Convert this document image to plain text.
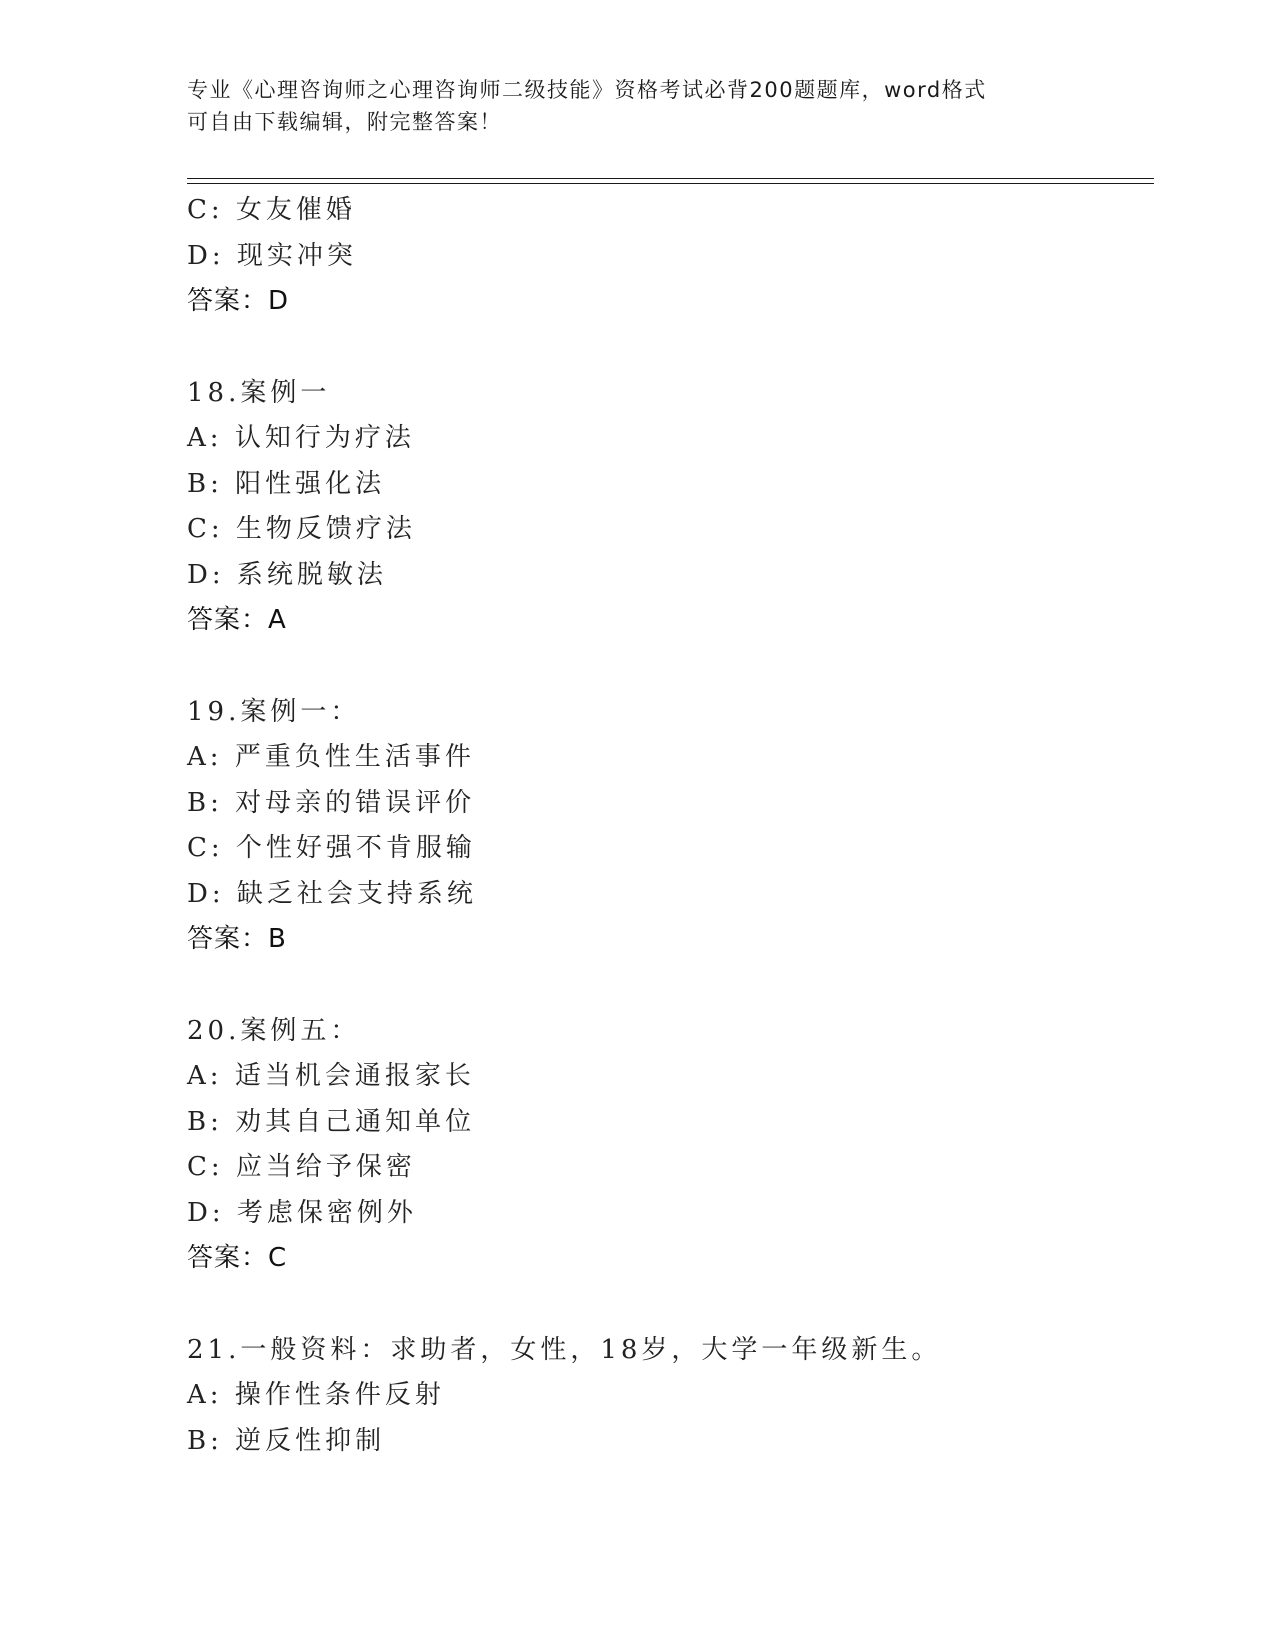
专业《心理咨询师之心理咨询师二级技能》资格考试必背200题题库，word格式
可自由下载编辑，附完整答案！
C: 女友催婚
D: 现实冲突
答案：D
18.案例一
A: 认知行为疗法
B: 阳性强化法
C: 生物反馈疗法
D: 系统脱敏法
答案：A
19.案例一：
A: 严重负性生活事件
B: 对母亲的错误评价
C: 个性好强不肯服输
D: 缺乏社会支持系统
答案：B
20.案例五：
A: 适当机会通报家长
B: 劝其自己通知单位
C: 应当给予保密
D: 考虑保密例外
答案：C
21.一般资料：求助者，女性，18岁，大学一年级新生。
A: 操作性条件反射
B: 逆反性抑制
